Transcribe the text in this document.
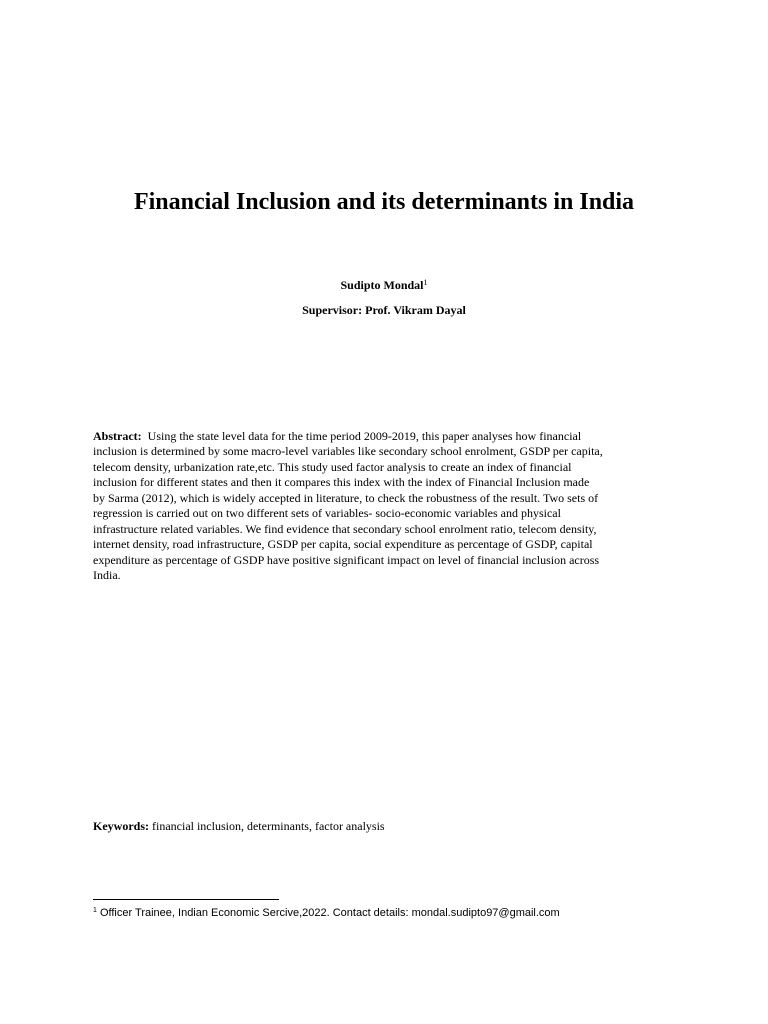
Financial Inclusion and its determinants in India
Sudipto Mondal$^1$
Supervisor: Prof. Vikram Dayal
Abstract:  Using the state level data for the time period 2009-2019, this paper analyses how financial
inclusion is determined by some macro-level variables like secondary school enrolment, GSDP per capita,
telecom density, urbanization rate,etc. This study used factor analysis to create an index of financial
inclusion for different states and then it compares this index with the index of Financial Inclusion made
by Sarma (2012), which is widely accepted in literature, to check the robustness of the result. Two sets of
regression is carried out on two different sets of variables- socio-economic variables and physical
infrastructure related variables. We find evidence that secondary school enrolment ratio, telecom density,
internet density, road infrastructure, GSDP per capita, social expenditure as percentage of GSDP, capital
expenditure as percentage of GSDP have positive significant impact on level of financial inclusion across
India.
Keywords: financial inclusion, determinants, factor analysis
$^1$ Officer Trainee, Indian Economic Sercive,2022. Contact details: mondal.sudipto97@gmail.com
